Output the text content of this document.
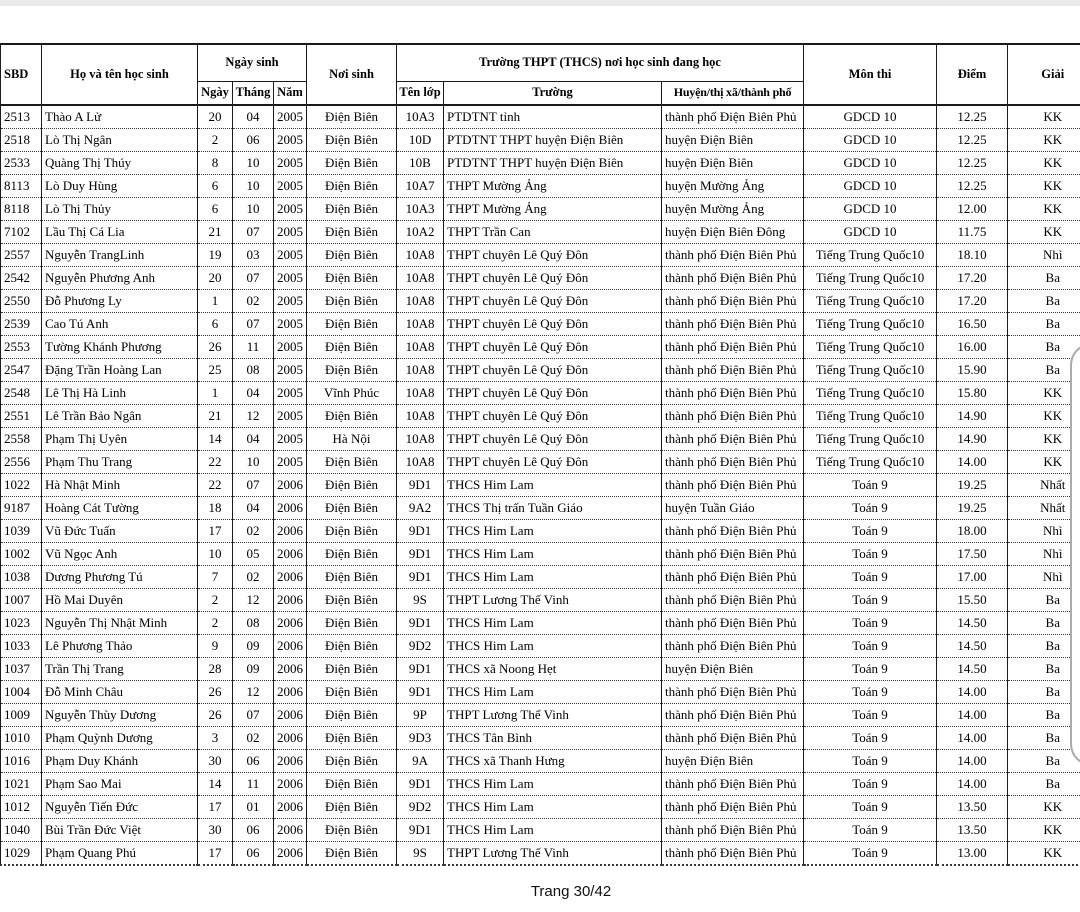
SBD	Họ và tên học sinh	Ngày sinh			Nơi sinh	Trường THPT (THCS) nơi học sinh đang học			Môn thi	Điểm	Giải
		Ngày	Tháng	Năm		Tên lớp	Trường	Huyện/thị xã/thành phố			
2513	Thào A Lử	20	04	2005	Điện Biên	10A3	PTDTNT tỉnh	thành phố Điện Biên Phủ	GDCD 10	12.25	KK
2518	Lò Thị Ngân	2	06	2005	Điện Biên	10D	PTDTNT THPT huyện Điện Biên	huyện Điện Biên	GDCD 10	12.25	KK
2533	Quàng Thị Thúy	8	10	2005	Điện Biên	10B	PTDTNT THPT huyện Điện Biên	huyện Điện Biên	GDCD 10	12.25	KK
8113	Lò Duy Hùng	6	10	2005	Điện Biên	10A7	THPT Mường Ảng	huyện Mường Ảng	GDCD 10	12.25	KK
8118	Lò Thị Thủy	6	10	2005	Điện Biên	10A3	THPT Mường Ảng	huyện Mường Ảng	GDCD 10	12.00	KK
7102	Lầu Thị Cá Lia	21	07	2005	Điện Biên	10A2	THPT Trần Can	huyện Điện Biên Đông	GDCD 10	11.75	KK
2557	Nguyễn TrangLinh	19	03	2005	Điện Biên	10A8	THPT chuyên Lê Quý Đôn	thành phố Điện Biên Phủ	Tiếng Trung Quốc10	18.10	Nhì
2542	Nguyễn Phương Anh	20	07	2005	Điện Biên	10A8	THPT chuyên Lê Quý Đôn	thành phố Điện Biên Phủ	Tiếng Trung Quốc10	17.20	Ba
2550	Đỗ Phương Ly	1	02	2005	Điện Biên	10A8	THPT chuyên Lê Quý Đôn	thành phố Điện Biên Phủ	Tiếng Trung Quốc10	17.20	Ba
2539	Cao Tú Anh	6	07	2005	Điện Biên	10A8	THPT chuyên Lê Quý Đôn	thành phố Điện Biên Phủ	Tiếng Trung Quốc10	16.50	Ba
2553	Tường Khánh Phương	26	11	2005	Điện Biên	10A8	THPT chuyên Lê Quý Đôn	thành phố Điện Biên Phủ	Tiếng Trung Quốc10	16.00	Ba
2547	Đặng Trần Hoàng Lan	25	08	2005	Điện Biên	10A8	THPT chuyên Lê Quý Đôn	thành phố Điện Biên Phủ	Tiếng Trung Quốc10	15.90	Ba
2548	Lê Thị Hà Linh	1	04	2005	Vĩnh Phúc	10A8	THPT chuyên Lê Quý Đôn	thành phố Điện Biên Phủ	Tiếng Trung Quốc10	15.80	KK
2551	Lê Trần Bảo Ngân	21	12	2005	Điện Biên	10A8	THPT chuyên Lê Quý Đôn	thành phố Điện Biên Phủ	Tiếng Trung Quốc10	14.90	KK
2558	Phạm Thị Uyên	14	04	2005	Hà Nội	10A8	THPT chuyên Lê Quý Đôn	thành phố Điện Biên Phủ	Tiếng Trung Quốc10	14.90	KK
2556	Phạm Thu Trang	22	10	2005	Điện Biên	10A8	THPT chuyên Lê Quý Đôn	thành phố Điện Biên Phủ	Tiếng Trung Quốc10	14.00	KK
1022	Hà Nhật Minh	22	07	2006	Điện Biên	9D1	THCS Him Lam	thành phố Điện Biên Phủ	Toán 9	19.25	Nhất
9187	Hoàng Cát Tường	18	04	2006	Điện Biên	9A2	THCS Thị trấn Tuần Giáo	huyện Tuần Giáo	Toán 9	19.25	Nhất
1039	Vũ Đức Tuấn	17	02	2006	Điện Biên	9D1	THCS Him Lam	thành phố Điện Biên Phủ	Toán 9	18.00	Nhì
1002	Vũ Ngọc Anh	10	05	2006	Điện Biên	9D1	THCS Him Lam	thành phố Điện Biên Phủ	Toán 9	17.50	Nhì
1038	Dương Phương Tú	7	02	2006	Điện Biên	9D1	THCS Him Lam	thành phố Điện Biên Phủ	Toán 9	17.00	Nhì
1007	Hồ Mai Duyên	2	12	2006	Điện Biên	9S	THPT Lương Thế Vinh	thành phố Điện Biên Phủ	Toán 9	15.50	Ba
1023	Nguyễn Thị Nhật Minh	2	08	2006	Điện Biên	9D1	THCS Him Lam	thành phố Điện Biên Phủ	Toán 9	14.50	Ba
1033	Lê Phương Thảo	9	09	2006	Điện Biên	9D2	THCS Him Lam	thành phố Điện Biên Phủ	Toán 9	14.50	Ba
1037	Trần Thị Trang	28	09	2006	Điện Biên	9D1	THCS xã Noong Hẹt	huyện Điện Biên	Toán 9	14.50	Ba
1004	Đỗ Minh Châu	26	12	2006	Điện Biên	9D1	THCS Him Lam	thành phố Điện Biên Phủ	Toán 9	14.00	Ba
1009	Nguyễn Thùy Dương	26	07	2006	Điện Biên	9P	THPT Lương Thế Vinh	thành phố Điện Biên Phủ	Toán 9	14.00	Ba
1010	Phạm Quỳnh Dương	3	02	2006	Điện Biên	9D3	THCS Tân Bình	thành phố Điện Biên Phủ	Toán 9	14.00	Ba
1016	Phạm Duy Khánh	30	06	2006	Điện Biên	9A	THCS xã Thanh Hưng	huyện Điện Biên	Toán 9	14.00	Ba
1021	Phạm Sao Mai	14	11	2006	Điện Biên	9D1	THCS Him Lam	thành phố Điện Biên Phủ	Toán 9	14.00	Ba
1012	Nguyễn Tiến Đức	17	01	2006	Điện Biên	9D2	THCS Him Lam	thành phố Điện Biên Phủ	Toán 9	13.50	KK
1040	Bùi Trần Đức Việt	30	06	2006	Điện Biên	9D1	THCS Him Lam	thành phố Điện Biên Phủ	Toán 9	13.50	KK
1029	Phạm Quang Phú	17	06	2006	Điện Biên	9S	THPT Lương Thế Vinh	thành phố Điện Biên Phủ	Toán 9	13.00	KK
Trang 30/42
